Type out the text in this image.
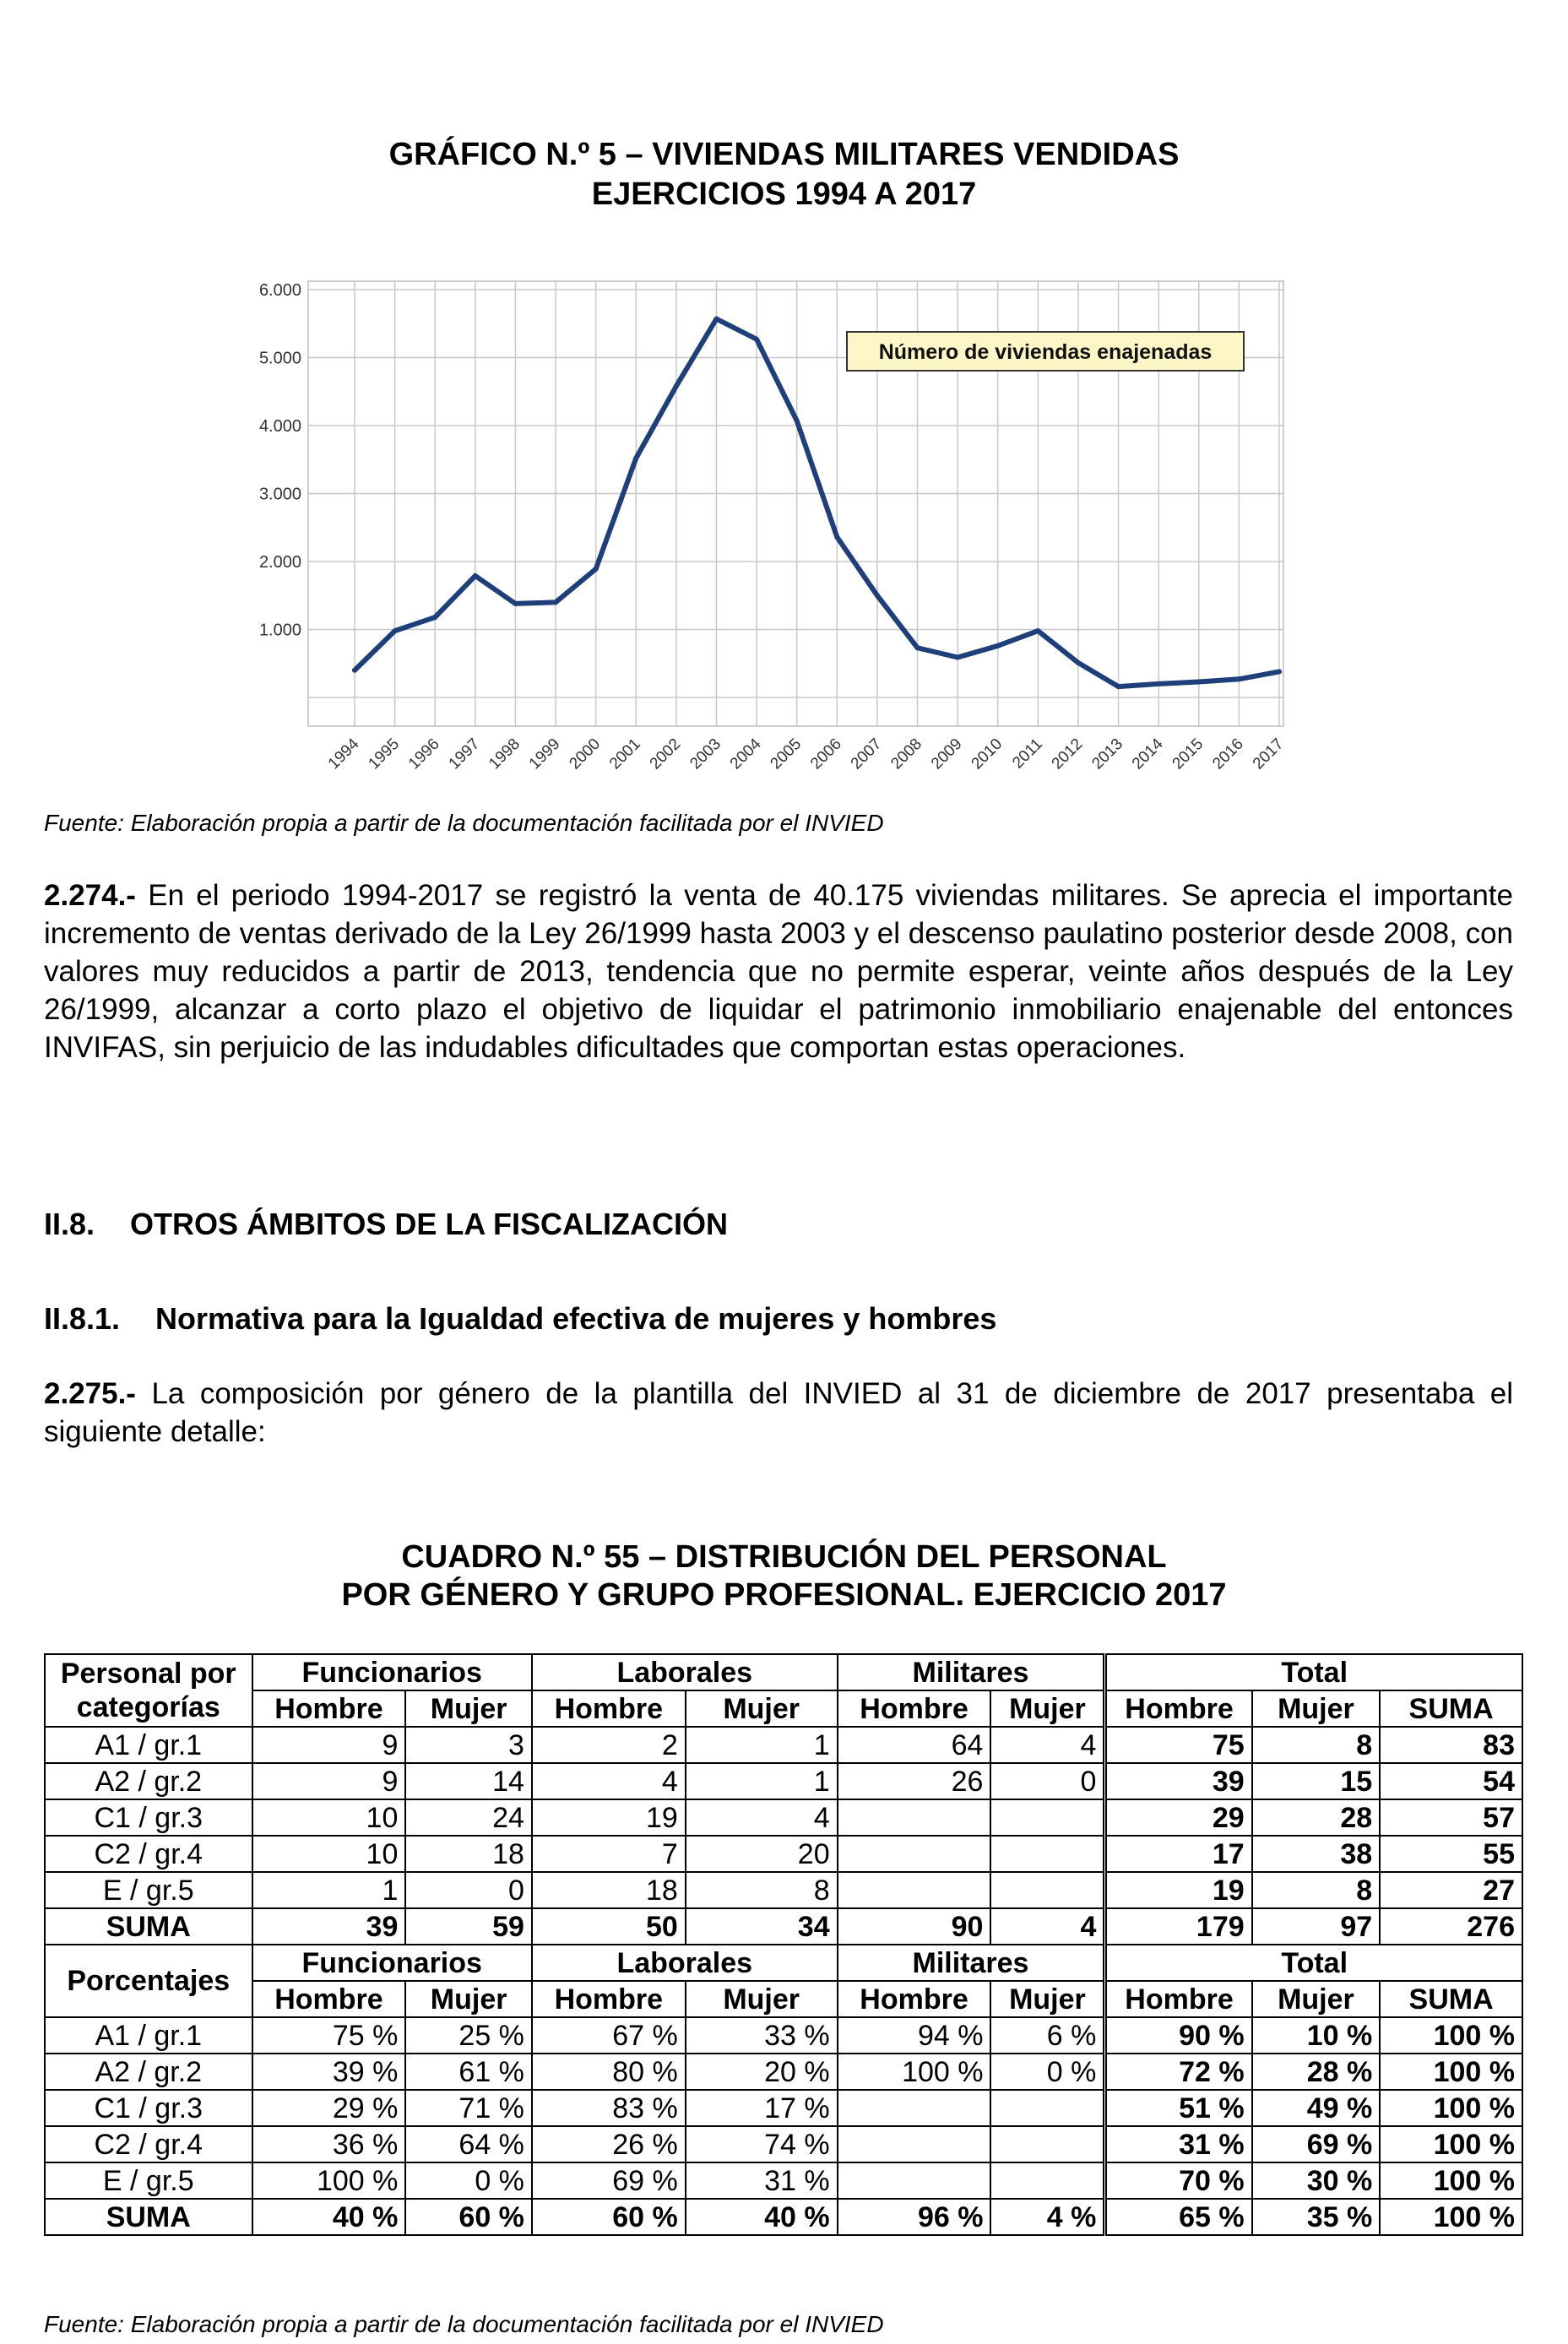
GRÁFICO N.º 5 – VIVIENDAS MILITARES VENDIDAS
EJERCICIOS 1994 A 2017
1.000
2.000
3.000
4.000
5.000
6.000
1994 1995 1996 1997 1998 1999 2000 2001 2002 2003 2004 2005 2006 2007 2008 2009 2010 2011 2012 2013 2014 2015 2016 2017
Número de viviendas enajenadas
Fuente: Elaboración propia a partir de la documentación facilitada por el INVIED
2.274.- En el periodo 1994-2017 se registró la venta de 40.175 viviendas militares. Se aprecia el importante incremento de ventas derivado de la Ley 26/1999 hasta 2003 y el descenso paulatino posterior desde 2008, con valores muy reducidos a partir de 2013, tendencia que no permite esperar, veinte años después de la Ley 26/1999, alcanzar a corto plazo el objetivo de liquidar el patrimonio inmobiliario enajenable del entonces INVIFAS, sin perjuicio de las indudables dificultades que comportan estas operaciones.
II.8. OTROS ÁMBITOS DE LA FISCALIZACIÓN
II.8.1. Normativa para la Igualdad efectiva de mujeres y hombres
2.275.- La composición por género de la plantilla del INVIED al 31 de diciembre de 2017 presentaba el siguiente detalle:
CUADRO N.º 55 – DISTRIBUCIÓN DEL PERSONAL
POR GÉNERO Y GRUPO PROFESIONAL. EJERCICIO 2017
Personal por categorías	Funcionarios		Laborales		Militares		Total		
	Hombre	Mujer	Hombre	Mujer	Hombre	Mujer	Hombre	Mujer	SUMA
A1 / gr.1	9	3	2	1	64	4	75	8	83
A2 / gr.2	9	14	4	1	26	0	39	15	54
C1 / gr.3	10	24	19	4			29	28	57
C2 / gr.4	10	18	7	20			17	38	55
E / gr.5	1	0	18	8			19	8	27
SUMA	39	59	50	34	90	4	179	97	276
Porcentajes	Funcionarios		Laborales		Militares		Total		
	Hombre	Mujer	Hombre	Mujer	Hombre	Mujer	Hombre	Mujer	SUMA
A1 / gr.1	75 %	25 %	67 %	33 %	94 %	6 %	90 %	10 %	100 %
A2 / gr.2	39 %	61 %	80 %	20 %	100 %	0 %	72 %	28 %	100 %
C1 / gr.3	29 %	71 %	83 %	17 %			51 %	49 %	100 %
C2 / gr.4	36 %	64 %	26 %	74 %			31 %	69 %	100 %
E / gr.5	100 %	0 %	69 %	31 %			70 %	30 %	100 %
SUMA	40 %	60 %	60 %	40 %	96 %	4 %	65 %	35 %	100 %
Fuente: Elaboración propia a partir de la documentación facilitada por el INVIED
